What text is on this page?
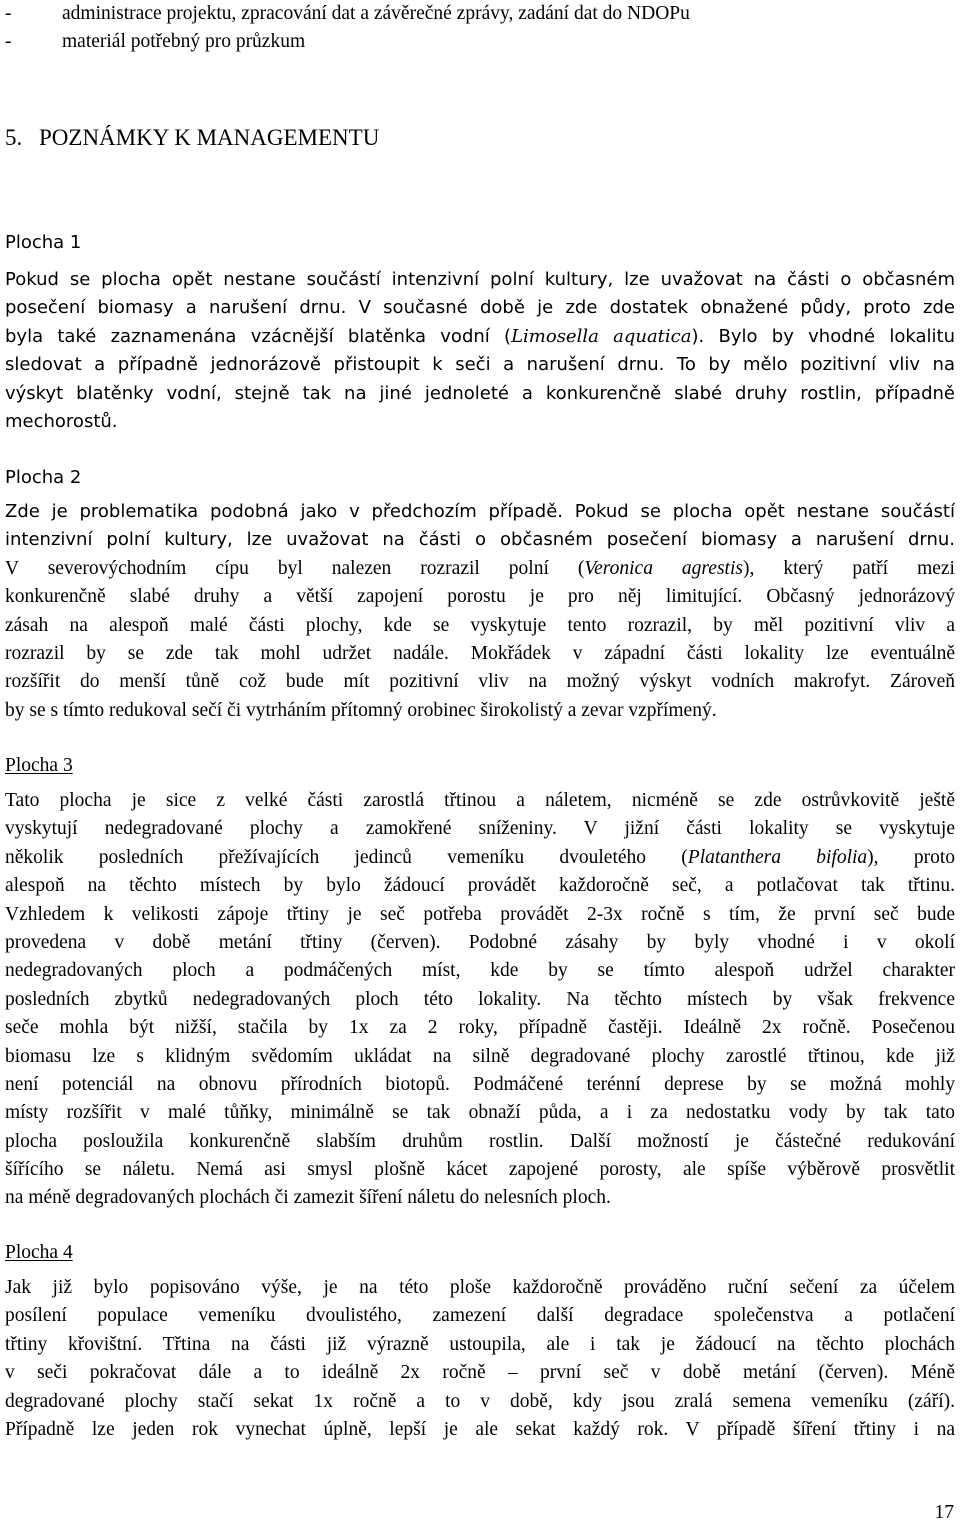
-	administrace projektu, zpracování dat a závěrečné zprávy, zadání dat do NDOPu
-	materiál potřebný pro průzkum
5. POZNÁMKY K MANAGEMENTU
Plocha 1
Pokud se plocha opět nestane součástí intenzivní polní kultury, lze uvažovat na části o občasném
posečení biomasy a narušení drnu. V současné době je zde dostatek obnažené půdy, proto zde
byla také zaznamenána vzácnější blatěnka vodní (Limosella aquatica). Bylo by vhodné lokalitu
sledovat a případně jednorázově přistoupit k seči a narušení drnu. To by mělo pozitivní vliv na
výskyt blatěnky vodní, stejně tak na jiné jednoleté a konkurenčně slabé druhy rostlin, případně
mechorostů.
Plocha 2
Zde je problematika podobná jako v předchozím případě. Pokud se plocha opět nestane součástí
intenzivní polní kultury, lze uvažovat na části o občasném posečení biomasy a narušení drnu.
V severovýchodním cípu byl nalezen rozrazil polní (Veronica agrestis), který patří mezi
konkurenčně slabé druhy a větší zapojení porostu je pro něj limitující. Občasný jednorázový
zásah na alespoň malé části plochy, kde se vyskytuje tento rozrazil, by měl pozitivní vliv a
rozrazil by se zde tak mohl udržet nadále. Mokřádek v západní části lokality lze eventuálně
rozšířit do menší tůně což bude mít pozitivní vliv na možný výskyt vodních makrofyt. Zároveň
by se s tímto redukoval sečí či vytrháním přítomný orobinec širokolistý a zevar vzpřímený.
Plocha 3
Tato plocha je sice z velké části zarostlá třtinou a náletem, nicméně se zde ostrůvkovitě ještě
vyskytují nedegradované plochy a zamokřené sníženiny. V jižní části lokality se vyskytuje
několik posledních přežívajících jedinců vemeníku dvouletého (Platanthera bifolia), proto
alespoň na těchto místech by bylo žádoucí provádět každoročně seč, a potlačovat tak třtinu.
Vzhledem k velikosti zápoje třtiny je seč potřeba provádět 2-3x ročně s tím, že první seč bude
provedena v době metání třtiny (červen). Podobné zásahy by byly vhodné i v okolí
nedegradovaných ploch a podmáčených míst, kde by se tímto alespoň udržel charakter
posledních zbytků nedegradovaných ploch této lokality. Na těchto místech by však frekvence
seče mohla být nižší, stačila by 1x za 2 roky, případně častěji. Ideálně 2x ročně. Posečenou
biomasu lze s klidným svědomím ukládat na silně degradované plochy zarostlé třtinou, kde již
není potenciál na obnovu přírodních biotopů. Podmáčené terénní deprese by se možná mohly
místy rozšířit v malé tůňky, minimálně se tak obnaží půda, a i za nedostatku vody by tak tato
plocha posloužila konkurenčně slabším druhům rostlin. Další možností je částečné redukování
šířícího se náletu. Nemá asi smysl plošně kácet zapojené porosty, ale spíše výběrově prosvětlit
na méně degradovaných plochách či zamezit šíření náletu do nelesních ploch.
Plocha 4
Jak již bylo popisováno výše, je na této ploše každoročně prováděno ruční sečení za účelem
posílení populace vemeníku dvoulistého, zamezení další degradace společenstva a potlačení
třtiny křovištní. Třtina na části již výrazně ustoupila, ale i tak je žádoucí na těchto plochách
v seči pokračovat dále a to ideálně 2x ročně – první seč v době metání (červen). Méně
degradované plochy stačí sekat 1x ročně a to v době, kdy jsou zralá semena vemeníku (září).
Případně lze jeden rok vynechat úplně, lepší je ale sekat každý rok. V případě šíření třtiny i na
17
